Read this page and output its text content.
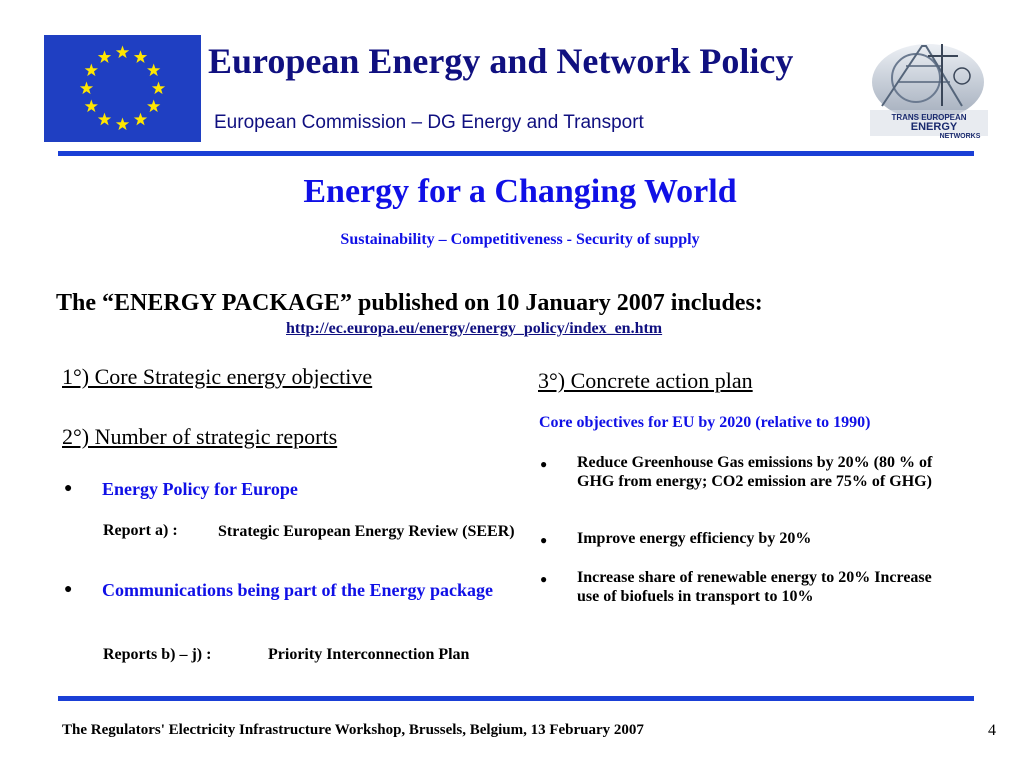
European Energy and Network Policy
European Commission – DG Energy and Transport	TRANS EUROPEAN
ENERGY
NETWORKS
Energy for a Changing World
Sustainability – Competitiveness - Security of supply
The “ENERGY PACKAGE” published on 10 January 2007 includes:
http://ec.europa.eu/energy/energy_policy/index_en.htm
1°) Core Strategic energy objective
2°) Number of strategic reports
● Energy Policy for Europe
Report a) :	Strategic European Energy Review (SEER)
● Communications being part of the Energy package
Reports b) – j) :	Priority Interconnection Plan
3°) Concrete action plan
Core objectives for EU by 2020 (relative to 1990)
● Reduce Greenhouse Gas emissions by 20% (80 % of GHG from energy; CO2 emission are 75% of GHG)
● Improve energy efficiency by 20%
● Increase share of renewable energy to 20% Increase use of biofuels in transport to 10%
The Regulators' Electricity Infrastructure Workshop, Brussels, Belgium, 13 February 2007	4
